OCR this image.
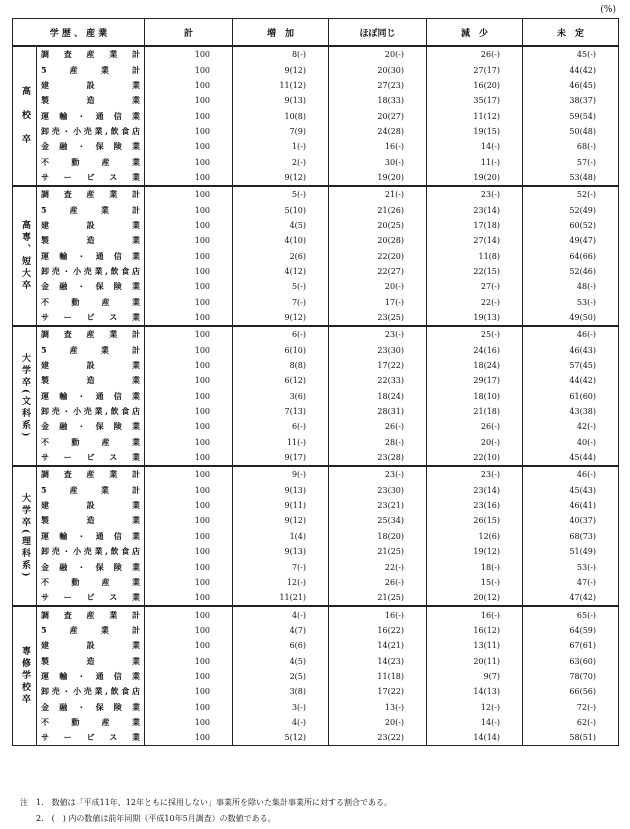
(%)
学 歴 、 産 業		計	増　加	ほぼ同じ	減　少	未　定
高　校　卒	調　査　産　業　計	100	8(-)	20(-)	26(-)	45(-)
	5　産　業　計	100	9(12)	20(30)	27(17)	44(42)
	建　設　業	100	11(12)	27(23)	16(20)	46(45)
	製　造　業	100	9(13)	18(33)	35(17)	38(37)
	運輸・通信業	100	10(8)	20(27)	11(12)	59(54)
	卸売・小売業,飲食店	100	7(9)	24(28)	19(15)	50(48)
	金融・保険業	100	1(-)	16(-)	14(-)	68(-)
	不　動　産　業	100	2(-)	30(-)	11(-)	57(-)
	サ　ー　ビ　ス　業	100	9(12)	19(20)	19(20)	53(48)
高専、短大卒	調　査　産　業　計	100	5(-)	21(-)	23(-)	52(-)
	5　産　業　計	100	5(10)	21(26)	23(14)	52(49)
	建　設　業	100	4(5)	20(25)	17(18)	60(52)
	製　造　業	100	4(10)	20(28)	27(14)	49(47)
	運輸・通信業	100	2(6)	22(20)	11(8)	64(66)
	卸売・小売業,飲食店	100	4(12)	22(27)	22(15)	52(46)
	金融・保険業	100	5(-)	20(-)	27(-)	48(-)
	不　動　産　業	100	7(-)	17(-)	22(-)	53(-)
	サ　ー　ビ　ス　業	100	9(12)	23(25)	19(13)	49(50)
大学卒(文科系)	調　査　産　業　計	100	6(-)	23(-)	25(-)	46(-)
	5　産　業　計	100	6(10)	23(30)	24(16)	46(43)
	建　設　業	100	8(8)	17(22)	18(24)	57(45)
	製　造　業	100	6(12)	22(33)	29(17)	44(42)
	運輸・通信業	100	3(6)	18(24)	18(10)	61(60)
	卸売・小売業,飲食店	100	7(13)	28(31)	21(18)	43(38)
	金融・保険業	100	6(-)	26(-)	26(-)	42(-)
	不　動　産　業	100	11(-)	28(-)	20(-)	40(-)
	サ　ー　ビ　ス　業	100	9(17)	23(28)	22(10)	45(44)
大学卒(理科系)	調　査　産　業　計	100	9(-)	23(-)	23(-)	46(-)
	5　産　業　計	100	9(13)	23(30)	23(14)	45(43)
	建　設　業	100	9(11)	23(21)	23(16)	46(41)
	製　造　業	100	9(12)	25(34)	26(15)	40(37)
	運輸・通信業	100	1(4)	18(20)	12(6)	68(73)
	卸売・小売業,飲食店	100	9(13)	21(25)	19(12)	51(49)
	金融・保険業	100	7(-)	22(-)	18(-)	53(-)
	不　動　産　業	100	12(-)	26(-)	15(-)	47(-)
	サ　ー　ビ　ス　業	100	11(21)	21(25)	20(12)	47(42)
専修学校卒	調　査　産　業　計	100	4(-)	16(-)	16(-)	65(-)
	5　産　業　計	100	4(7)	16(22)	16(12)	64(59)
	建　設　業	100	6(6)	14(21)	13(11)	67(61)
	製　造　業	100	4(5)	14(23)	20(11)	63(60)
	運輸・通信業	100	2(5)	11(18)	9(7)	78(70)
	卸売・小売業,飲食店	100	3(8)	17(22)	14(13)	66(56)
	金融・保険業	100	3(-)	13(-)	12(-)	72(-)
	不　動　産　業	100	4(-)	20(-)	14(-)	62(-)
	サ　ー　ビ　ス　業	100	5(12)	23(22)	14(14)	58(51)
注　1.　数値は「平成11年、12年ともに採用しない」事業所を除いた集計事業所に対する割合である。
　　2.　(　) 内の数値は前年同期（平成10年5月調査）の数値である。
